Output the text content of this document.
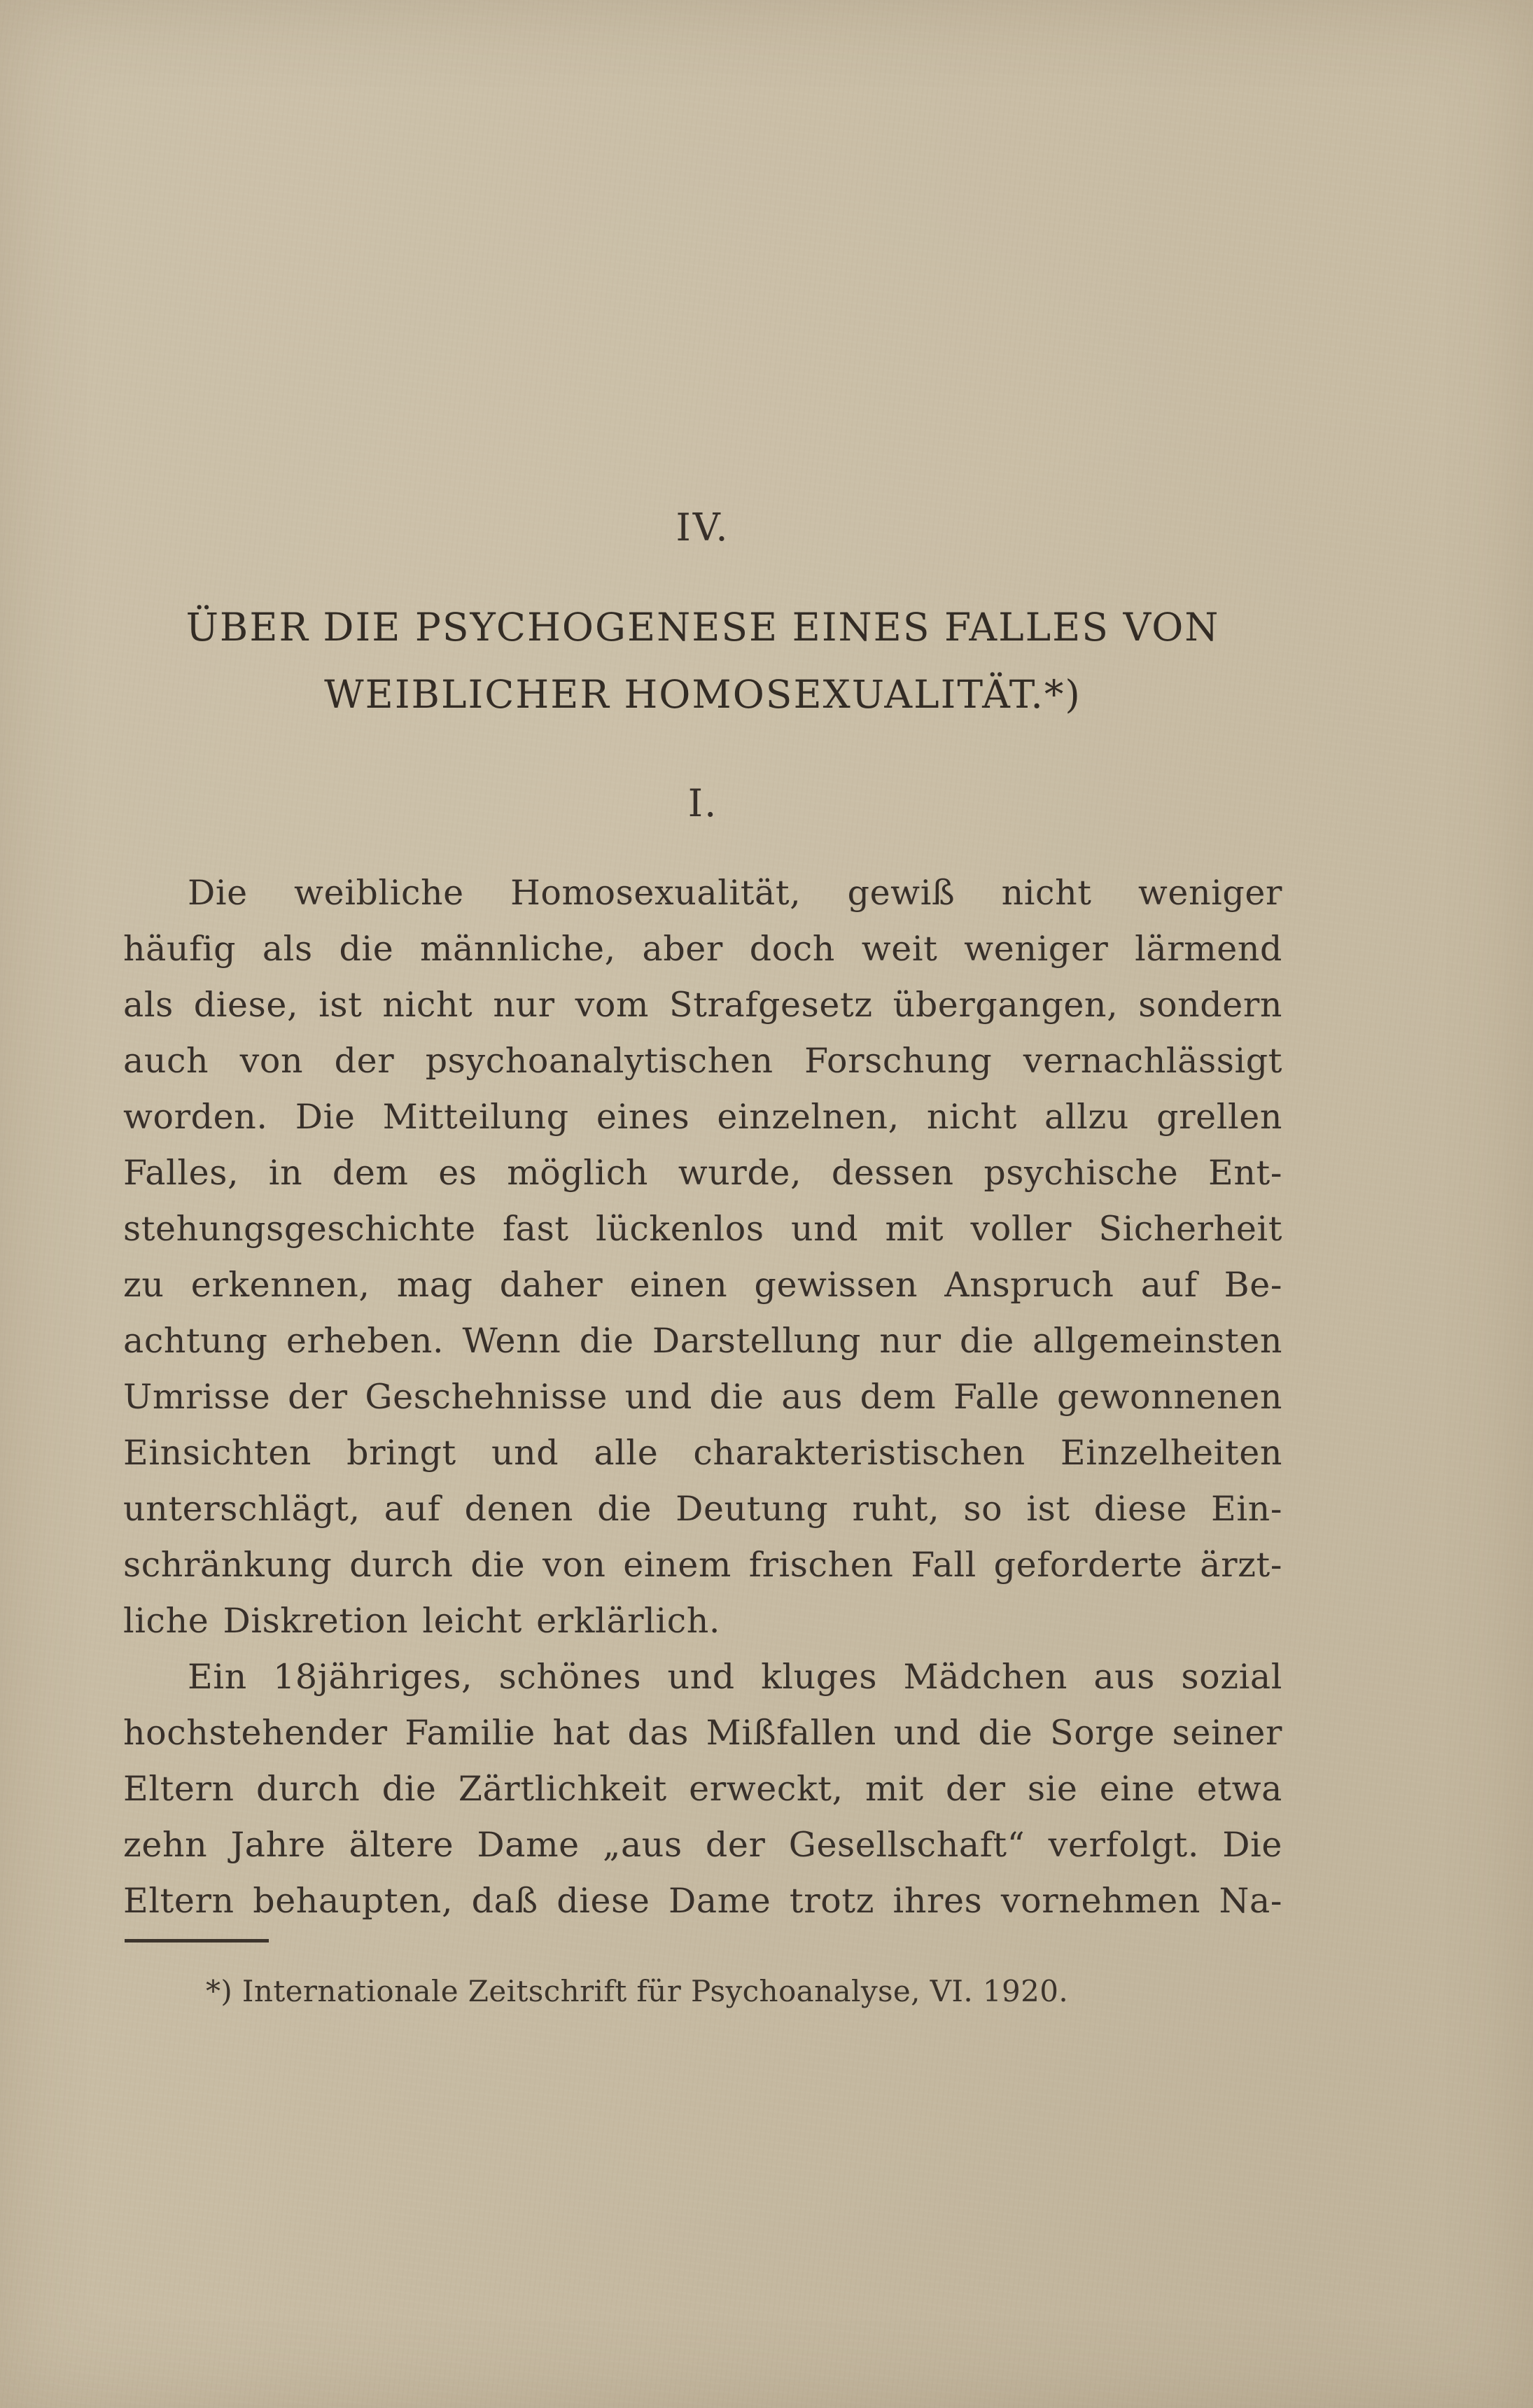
IV.
ÜBER DIE PSYCHOGENESE EINES FALLES VON
WEIBLICHER HOMOSEXUALITÄT.*)
I.
Die weibliche Homosexualität, gewiß nicht weniger
häufig als die männliche, aber doch weit weniger lärmend
als diese, ist nicht nur vom Strafgesetz übergangen, sondern
auch von der psychoanalytischen Forschung vernachlässigt
worden. Die Mitteilung eines einzelnen, nicht allzu grellen
Falles, in dem es möglich wurde, dessen psychische Ent-
stehungsgeschichte fast lückenlos und mit voller Sicherheit
zu erkennen, mag daher einen gewissen Anspruch auf Be-
achtung erheben. Wenn die Darstellung nur die allgemeinsten
Umrisse der Geschehnisse und die aus dem Falle gewonnenen
Einsichten bringt und alle charakteristischen Einzelheiten
unterschlägt, auf denen die Deutung ruht, so ist diese Ein-
schränkung durch die von einem frischen Fall geforderte ärzt-
liche Diskretion leicht erklärlich.
Ein 18jähriges, schönes und kluges Mädchen aus sozial
hochstehender Familie hat das Mißfallen und die Sorge seiner
Eltern durch die Zärtlichkeit erweckt, mit der sie eine etwa
zehn Jahre ältere Dame „aus der Gesellschaft“ verfolgt. Die
Eltern behaupten, daß diese Dame trotz ihres vornehmen Na-
*) Internationale Zeitschrift für Psychoanalyse, VI. 1920.
